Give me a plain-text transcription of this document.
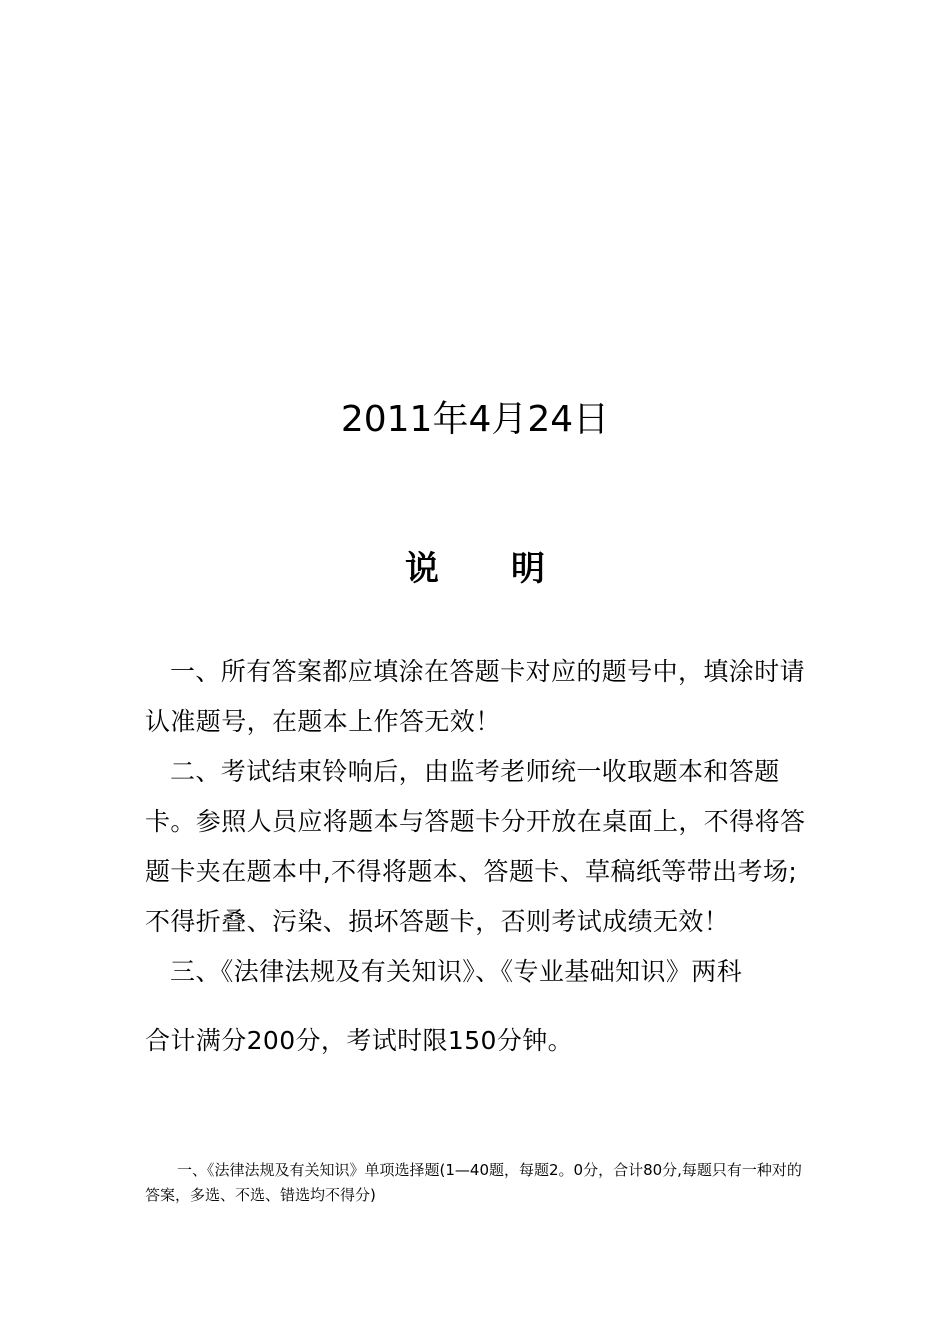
2011年4月24日
说 明

一、所有答案都应填涂在答题卡对应的题号中，填涂时请认准题号，在题本上作答无效！

二、考试结束铃响后，由监考老师统一收取题本和答题卡。参照人员应将题本与答题卡分开放在桌面上，不得将答题卡夹在题本中,不得将题本、答题卡、草稿纸等带出考场;不得折叠、污染、损坏答题卡，否则考试成绩无效！

三、《法律法规及有关知识》、《专业基础知识》两科

合计满分200分，考试时限150分钟。

一、《法律法规及有关知识》单项选择题(1—40题，每题2。0分，合计80分,每题只有一种对的答案，多选、不选、错选均不得分)
